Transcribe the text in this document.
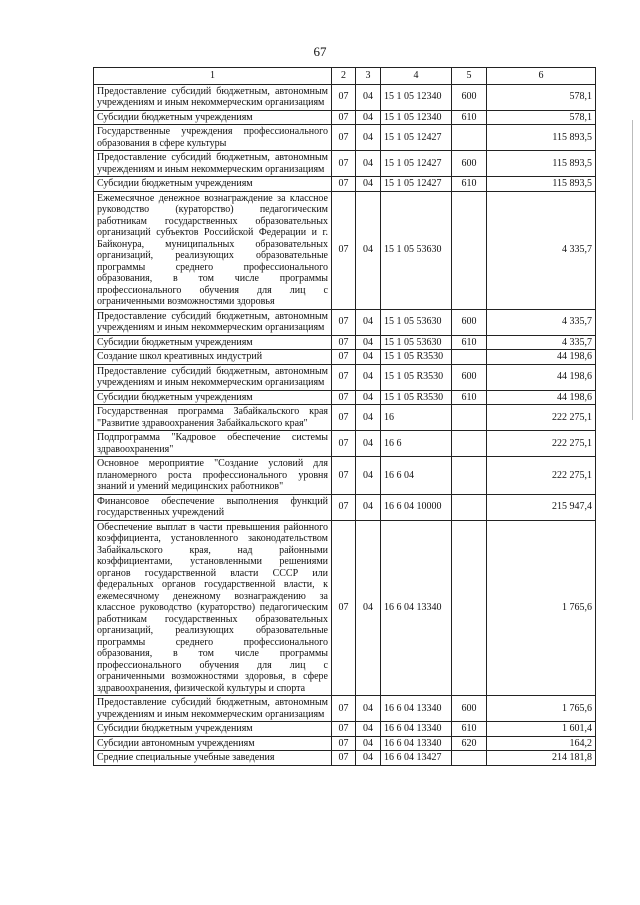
67
1	2	3	4	5	6
Предоставление субсидий бюджетным, автономным учреждениям и иным некоммерческим организациям	07	04	15 1 05 12340	600	578,1
Субсидии бюджетным учреждениям	07	04	15 1 05 12340	610	578,1
Государственные учреждения профессионального образования в сфере культуры	07	04	15 1 05 12427		115 893,5
Предоставление субсидий бюджетным, автономным учреждениям и иным некоммерческим организациям	07	04	15 1 05 12427	600	115 893,5
Субсидии бюджетным учреждениям	07	04	15 1 05 12427	610	115 893,5
Ежемесячное денежное вознаграждение за классное руководство (кураторство) педагогическим работникам государственных образовательных организаций субъектов Российской Федерации и г. Байконура, муниципальных образовательных организаций, реализующих образовательные программы среднего профессионального образования, в том числе программы профессионального обучения для лиц с ограниченными возможностями здоровья	07	04	15 1 05 53630		4 335,7
Предоставление субсидий бюджетным, автономным учреждениям и иным некоммерческим организациям	07	04	15 1 05 53630	600	4 335,7
Субсидии бюджетным учреждениям	07	04	15 1 05 53630	610	4 335,7
Создание школ креативных индустрий	07	04	15 1 05 R3530		44 198,6
Предоставление субсидий бюджетным, автономным учреждениям и иным некоммерческим организациям	07	04	15 1 05 R3530	600	44 198,6
Субсидии бюджетным учреждениям	07	04	15 1 05 R3530	610	44 198,6
Государственная программа Забайкальского края "Развитие здравоохранения Забайкальского края"	07	04	16		222 275,1
Подпрограмма "Кадровое обеспечение системы здравоохранения"	07	04	16 6		222 275,1
Основное мероприятие "Создание условий для планомерного роста профессионального уровня знаний и умений медицинских работников"	07	04	16 6 04		222 275,1
Финансовое обеспечение выполнения функций государственных учреждений	07	04	16 6 04 10000		215 947,4
Обеспечение выплат в части превышения районного коэффициента, установленного законодательством Забайкальского края, над районными коэффициентами, установленными решениями органов государственной власти СССР или федеральных органов государственной власти, к ежемесячному денежному вознаграждению за классное руководство (кураторство) педагогическим работникам государственных образовательных организаций, реализующих образовательные программы среднего профессионального образования, в том числе программы профессионального обучения для лиц с ограниченными возможностями здоровья, в сфере здравоохранения, физической культуры и спорта	07	04	16 6 04 13340		1 765,6
Предоставление субсидий бюджетным, автономным учреждениям и иным некоммерческим организациям	07	04	16 6 04 13340	600	1 765,6
Субсидии бюджетным учреждениям	07	04	16 6 04 13340	610	1 601,4
Субсидии автономным учреждениям	07	04	16 6 04 13340	620	164,2
Средние специальные учебные заведения	07	04	16 6 04 13427		214 181,8
